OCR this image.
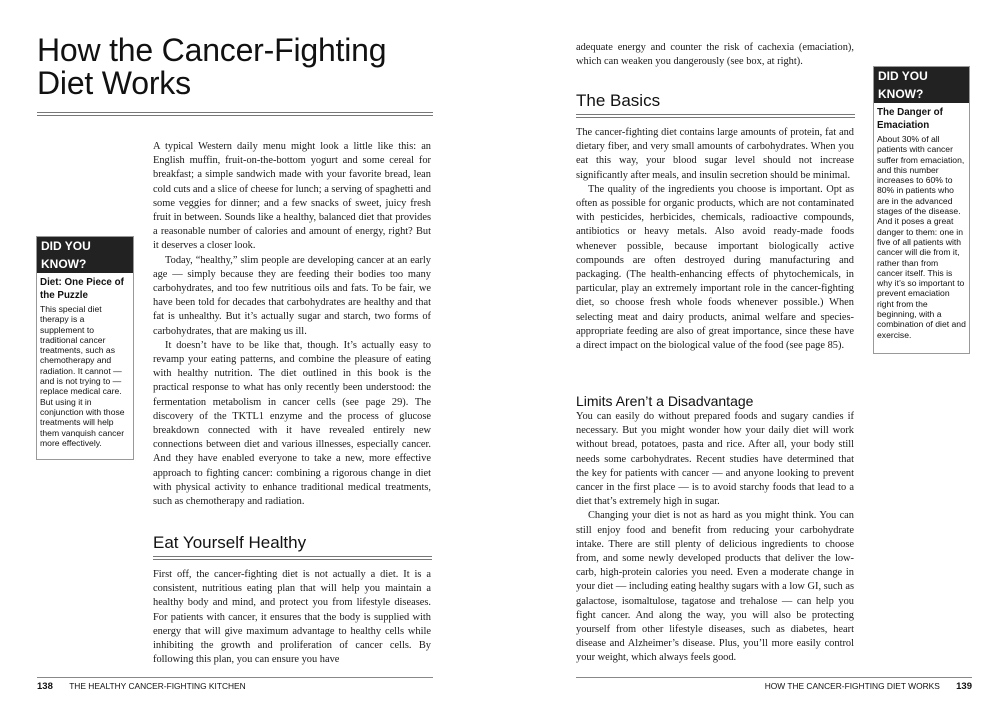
How the Cancer-Fighting Diet Works
DID YOU KNOW?
Diet: One Piece of the Puzzle
This special diet therapy is a supplement to traditional cancer treatments, such as chemotherapy and radiation. It cannot — and is not trying to — replace medical care. But using it in conjunction with those treatments will help them vanquish cancer more effectively.

A typical Western daily menu might look a little like this: an English muffin, fruit-on-the-bottom yogurt and some cereal for breakfast; a simple sandwich made with your favorite bread, lean cold cuts and a slice of cheese for lunch; a serving of spaghetti and some veggies for dinner; and a few snacks of sweet, juicy fresh fruit in between. Sounds like a healthy, balanced diet that provides a reasonable number of calories and amount of energy, right? But it deserves a closer look.

Today, “healthy,” slim people are developing cancer at an early age — simply because they are feeding their bodies too many carbohydrates, and too few nutritious oils and fats. To be fair, we have been told for decades that carbohydrates are healthy and that fat is unhealthy. But it’s actually sugar and starch, two forms of carbohydrates, that are making us ill.

It doesn’t have to be like that, though. It’s actually easy to revamp your eating patterns, and combine the pleasure of eating with healthy nutrition. The diet outlined in this book is the practical response to what has only recently been understood: the fermentation metabolism in cancer cells (see page 29). The discovery of the TKTL1 enzyme and the process of glucose breakdown connected with it have revealed entirely new connections between diet and various illnesses, especially cancer. And they have enabled everyone to take a new, more effective approach to fighting cancer: combining a rigorous change in diet with physical activity to enhance traditional medical treatments, such as chemotherapy and radiation.

Eat Yourself Healthy

First off, the cancer-fighting diet is not actually a diet. It is a consistent, nutritious eating plan that will help you maintain a healthy body and mind, and protect you from lifestyle diseases. For patients with cancer, it ensures that the body is supplied with energy that will give maximum advantage to healthy cells while inhibiting the growth and proliferation of cancer cells. By following this plan, you can ensure you have

138 THE HEALTHY CANCER-FIGHTING KITCHEN

adequate energy and counter the risk of cachexia (emaciation), which can weaken you dangerously (see box, at right).

The Basics

The cancer-fighting diet contains large amounts of protein, fat and dietary fiber, and very small amounts of carbohydrates. When you eat this way, your blood sugar level should not increase significantly after meals, and insulin secretion should be minimal.

The quality of the ingredients you choose is important. Opt as often as possible for organic products, which are not contaminated with pesticides, herbicides, chemicals, radioactive compounds, antibiotics or heavy metals. Also avoid ready-made foods whenever possible, because important biologically active compounds are often destroyed during manufacturing and packaging. (The health-enhancing effects of phytochemicals, in particular, play an extremely important role in the cancer-fighting diet, so choose fresh whole foods whenever possible.) When selecting meat and dairy products, animal welfare and species-appropriate feeding are also of great importance, since these have a direct impact on the biological value of the food (see page 85).

Limits Aren’t a Disadvantage

You can easily do without prepared foods and sugary candies if necessary. But you might wonder how your daily diet will work without bread, potatoes, pasta and rice. After all, your body still needs some carbohydrates. Recent studies have determined that the key for patients with cancer — and anyone looking to prevent cancer in the first place — is to avoid starchy foods that lead to a diet that’s extremely high in sugar.

Changing your diet is not as hard as you might think. You can still enjoy food and benefit from reducing your carbohydrate intake. There are still plenty of delicious ingredients to choose from, and some newly developed products that deliver the low-carb, high-protein calories you need. Even a moderate change in your diet — including eating healthy sugars with a low GI, such as galactose, isomaltulose, tagatose and trehalose — can help you fight cancer. And along the way, you will also be protecting yourself from other lifestyle diseases, such as diabetes, heart disease and Alzheimer’s disease. Plus, you’ll more easily control your weight, which always feels good.

DID YOU KNOW?
The Danger of Emaciation
About 30% of all patients with cancer suffer from emaciation, and this number increases to 60% to 80% in patients who are in the advanced stages of the disease. And it poses a great danger to them: one in five of all patients with cancer will die from it, rather than from cancer itself. This is why it’s so important to prevent emaciation right from the beginning, with a combination of diet and exercise.
HOW THE CANCER-FIGHTING DIET WORKS 139
